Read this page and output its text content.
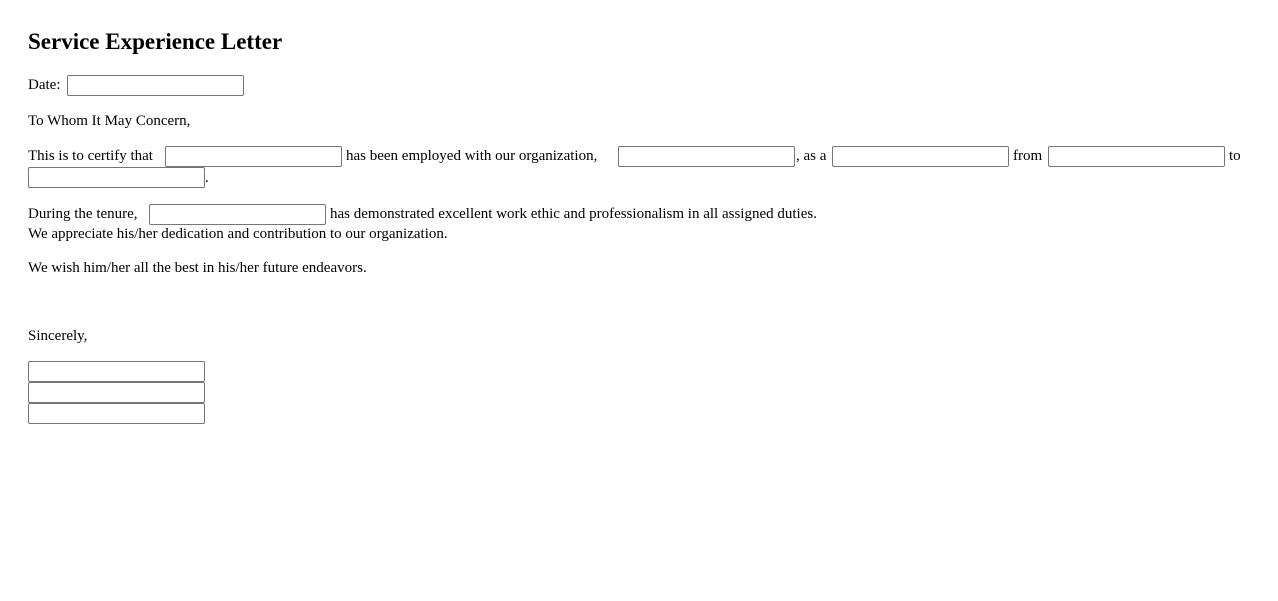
Service Experience Letter
Date:
To Whom It May Concern,
This is to certify that	has been employed with our organization,	, as a	from	to
.
During the tenure,	has demonstrated excellent work ethic and professionalism in all assigned duties.
We appreciate his/her dedication and contribution to our organization.
We wish him/her all the best in his/her future endeavors.
Sincerely,
